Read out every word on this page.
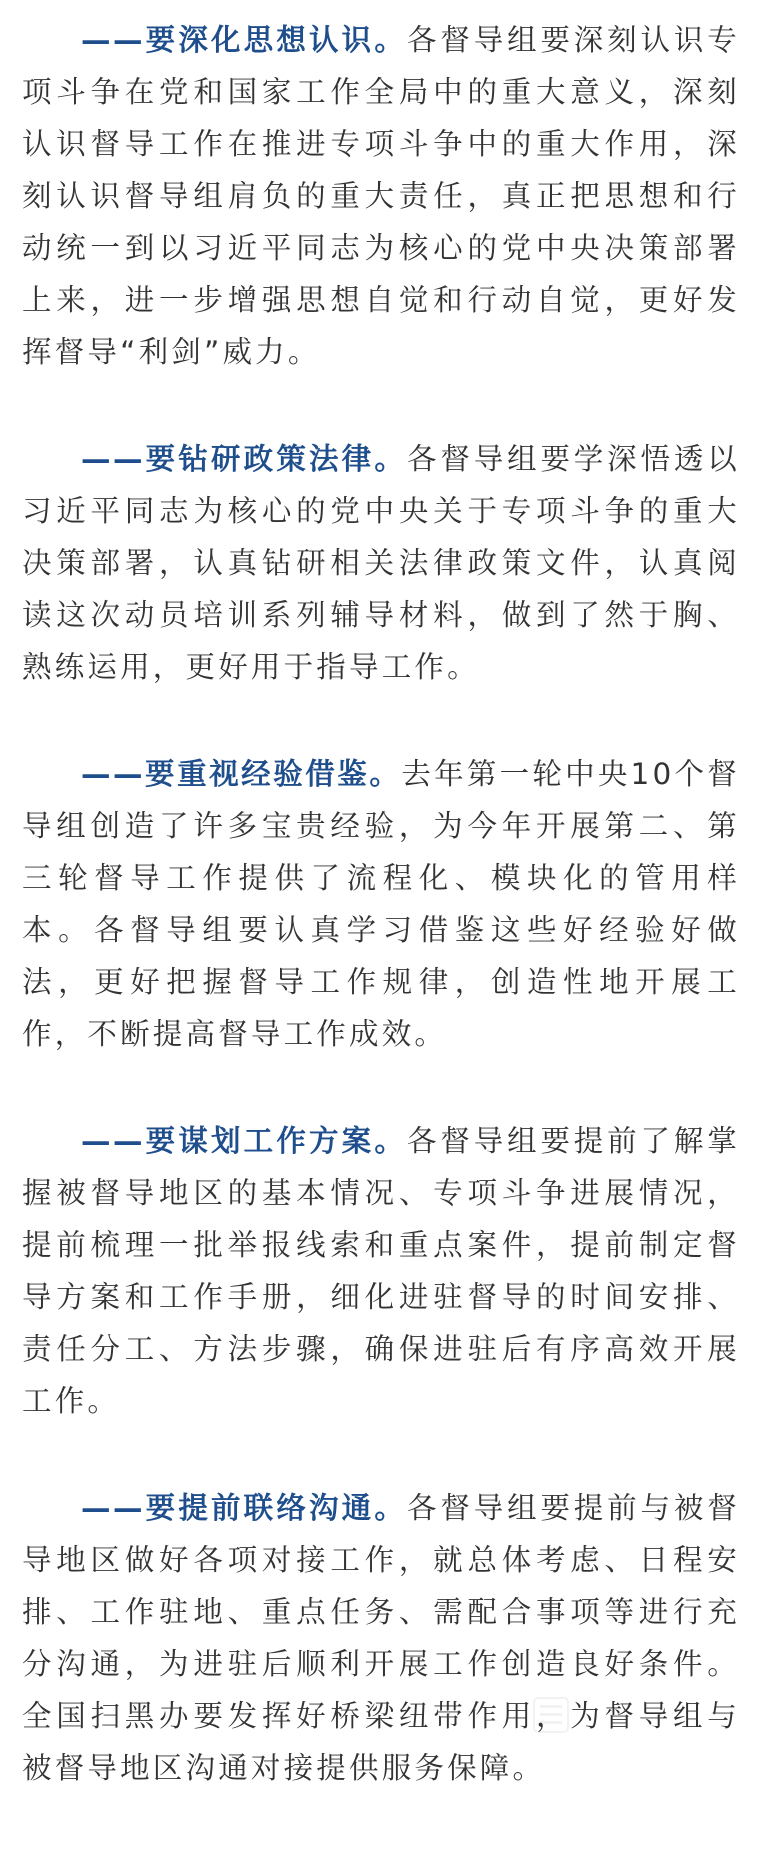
——要深化思想认识。各督导组要深刻认识专项斗争在党和国家工作全局中的重大意义，深刻认识督导工作在推进专项斗争中的重大作用，深刻认识督导组肩负的重大责任，真正把思想和行动统一到以习近平同志为核心的党中央决策部署上来，进一步增强思想自觉和行动自觉，更好发挥督导“利剑”威力。

——要钻研政策法律。各督导组要学深悟透以习近平同志为核心的党中央关于专项斗争的重大决策部署，认真钻研相关法律政策文件，认真阅读这次动员培训系列辅导材料，做到了然于胸、熟练运用，更好用于指导工作。

——要重视经验借鉴。去年第一轮中央10个督导组创造了许多宝贵经验，为今年开展第二、第三轮督导工作提供了流程化、模块化的管用样本。各督导组要认真学习借鉴这些好经验好做法，更好把握督导工作规律，创造性地开展工作，不断提高督导工作成效。

——要谋划工作方案。各督导组要提前了解掌握被督导地区的基本情况、专项斗争进展情况，提前梳理一批举报线索和重点案件，提前制定督导方案和工作手册，细化进驻督导的时间安排、责任分工、方法步骤，确保进驻后有序高效开展工作。

——要提前联络沟通。各督导组要提前与被督导地区做好各项对接工作，就总体考虑、日程安排、工作驻地、重点任务、需配合事项等进行充分沟通，为进驻后顺利开展工作创造良好条件。全国扫黑办要发挥好桥梁纽带作用，为督导组与被督导地区沟通对接提供服务保障。
